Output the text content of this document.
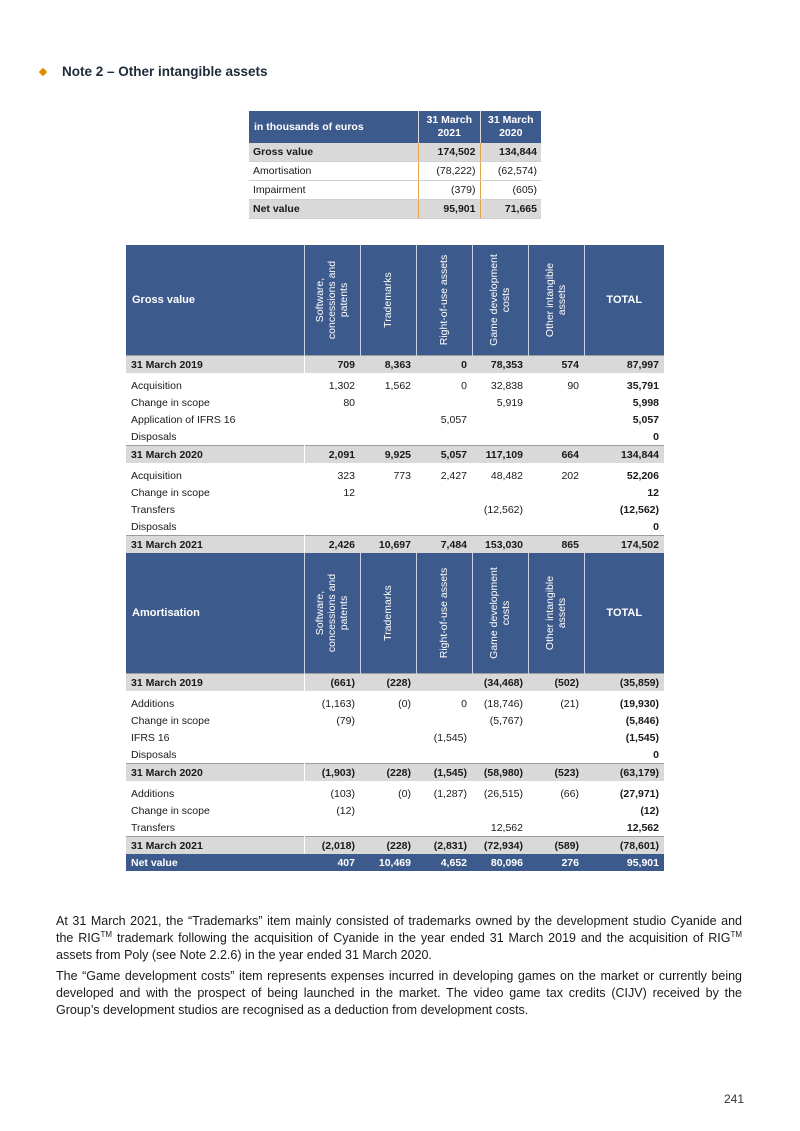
Note 2 – Other intangible assets
in thousands of euros	31 March 2021	31 March 2020
Gross value	174,502	134,844
Amortisation	(78,222)	(62,574)
Impairment	(379)	(605)
Net value	95,901	71,665
Gross value	Software, concessions and patents	Trademarks	Right-of-use assets	Game development costs	Other intangible assets	TOTAL
31 March 2019	709	8,363	0	78,353	574	87,997

Acquisition	1,302	1,562	0	32,838	90	35,791
Change in scope	80			5,919		5,998
Application of IFRS 16			5,057			5,057
Disposals						0
31 March 2020	2,091	9,925	5,057	117,109	664	134,844

Acquisition	323	773	2,427	48,482	202	52,206
Change in scope	12					12
Transfers				(12,562)		(12,562)
Disposals						0
31 March 2021	2,426	10,697	7,484	153,030	865	174,502
Amortisation	Software, concessions and patents	Trademarks	Right-of-use assets	Game development costs	Other intangible assets	TOTAL
31 March 2019	(661)	(228)		(34,468)	(502)	(35,859)

Additions	(1,163)	(0)	0	(18,746)	(21)	(19,930)
Change in scope	(79)			(5,767)		(5,846)
IFRS 16			(1,545)			(1,545)
Disposals						0
31 March 2020	(1,903)	(228)	(1,545)	(58,980)	(523)	(63,179)

Additions	(103)	(0)	(1,287)	(26,515)	(66)	(27,971)
Change in scope	(12)					(12)
Transfers				12,562		12,562
31 March 2021	(2,018)	(228)	(2,831)	(72,934)	(589)	(78,601)
Net value	407	10,469	4,652	80,096	276	95,901

At 31 March 2021, the “Trademarks” item mainly consisted of trademarks owned by the development studio Cyanide and the RIG™ trademark following the acquisition of Cyanide in the year ended 31 March 2019 and the acquisition of RIG™ assets from Poly (see Note 2.2.6) in the year ended 31 March 2020.

The “Game development costs” item represents expenses incurred in developing games on the market or currently being developed and with the prospect of being launched in the market. The video game tax credits (CIJV) received by the Group’s development studios are recognised as a deduction from development costs.

241
